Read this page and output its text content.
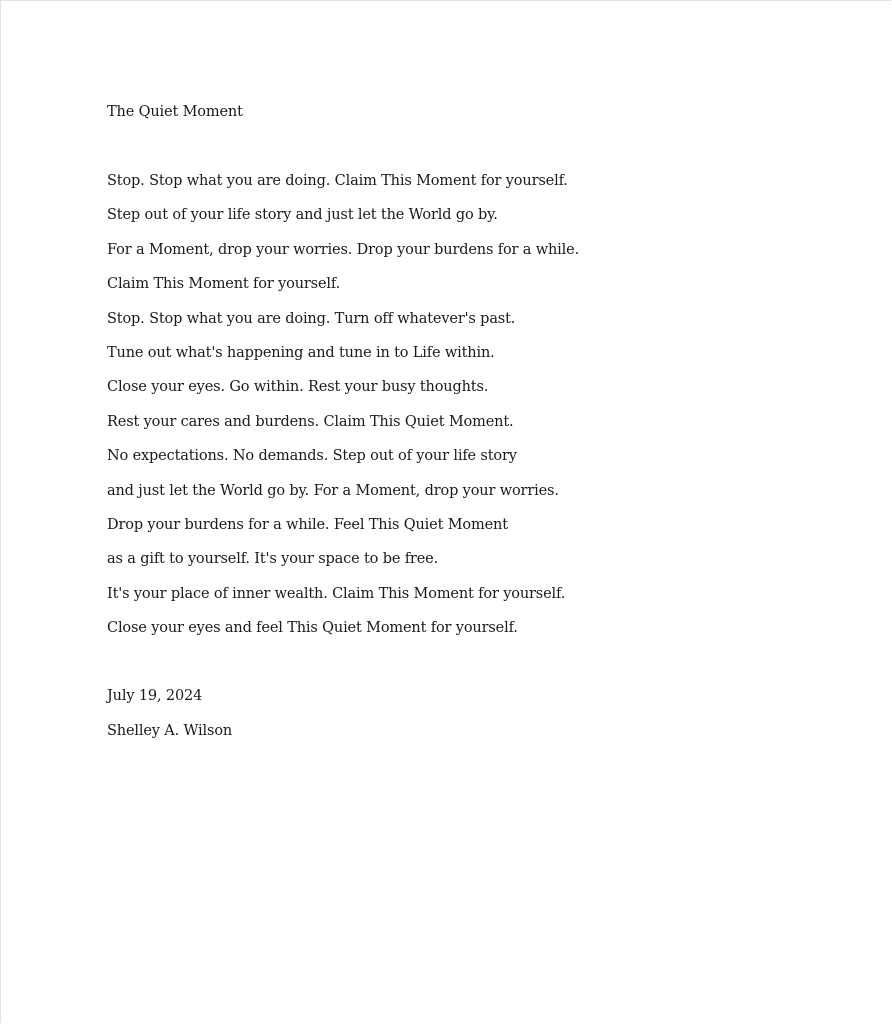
The Quiet Moment
Stop. Stop what you are doing. Claim This Moment for yourself.
Step out of your life story and just let the World go by.
For a Moment, drop your worries. Drop your burdens for a while.
Claim This Moment for yourself.
Stop. Stop what you are doing. Turn off whatever's past.
Tune out what's happening and tune in to Life within.
Close your eyes. Go within. Rest your busy thoughts.
Rest your cares and burdens. Claim This Quiet Moment.
No expectations. No demands. Step out of your life story
and just let the World go by. For a Moment, drop your worries.
Drop your burdens for a while. Feel This Quiet Moment
as a gift to yourself. It's your space to be free.
It's your place of inner wealth. Claim This Moment for yourself.
Close your eyes and feel This Quiet Moment for yourself.
July 19, 2024
Shelley A. Wilson
